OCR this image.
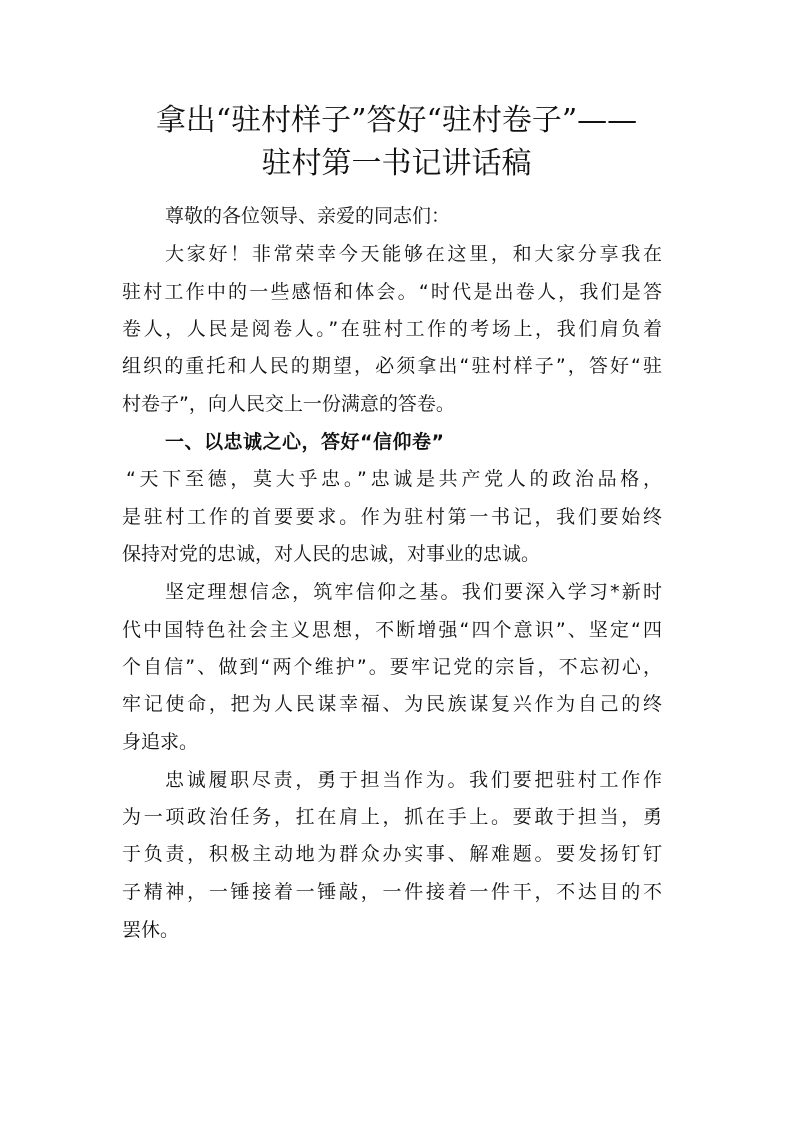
拿出“驻村样子”答好“驻村卷子”——
驻村第一书记讲话稿
尊敬的各位领导、亲爱的同志们：
大家好！非常荣幸今天能够在这里，和大家分享我在
驻村工作中的一些感悟和体会。“时代是出卷人，我们是答
卷人，人民是阅卷人。”在驻村工作的考场上，我们肩负着
组织的重托和人民的期望，必须拿出“驻村样子”，答好“驻
村卷子”，向人民交上一份满意的答卷。
一、以忠诚之心，答好“信仰卷”
“天下至德，莫大乎忠。”忠诚是共产党人的政治品格，
是驻村工作的首要要求。作为驻村第一书记，我们要始终
保持对党的忠诚，对人民的忠诚，对事业的忠诚。
坚定理想信念，筑牢信仰之基。我们要深入学习*新时
代中国特色社会主义思想，不断增强“四个意识”、坚定“四
个自信”、做到“两个维护”。要牢记党的宗旨，不忘初心，
牢记使命，把为人民谋幸福、为民族谋复兴作为自己的终
身追求。
忠诚履职尽责，勇于担当作为。我们要把驻村工作作
为一项政治任务，扛在肩上，抓在手上。要敢于担当，勇
于负责，积极主动地为群众办实事、解难题。要发扬钉钉
子精神，一锤接着一锤敲，一件接着一件干，不达目的不
罢休。
